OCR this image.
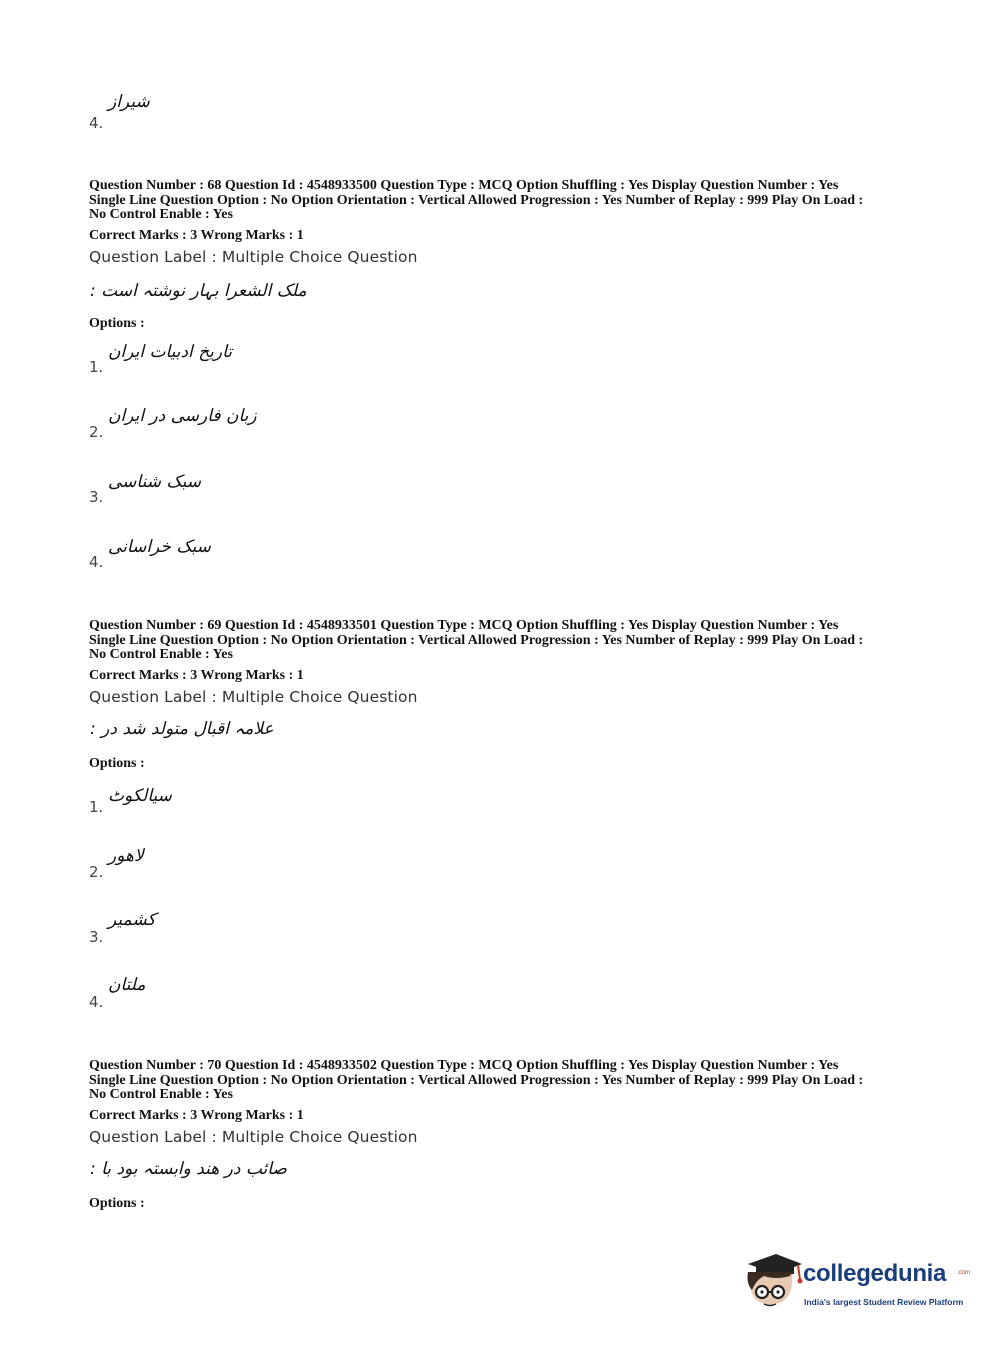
شیراز
4.
Question Number : 68 Question Id : 4548933500 Question Type : MCQ Option Shuffling : Yes Display Question Number : Yes
Single Line Question Option : No Option Orientation : Vertical Allowed Progression : Yes Number of Replay : 999 Play On Load :
No Control Enable : Yes
Correct Marks : 3 Wrong Marks : 1
Question Label : Multiple Choice Question
ملک الشعرا بہار نوشتہ است :
Options :
تاریخ ادبیات ایران
1.
زبان فارسی در ایران
2.
سبک شناسی
3.
سبک خراسانی
4.
Question Number : 69 Question Id : 4548933501 Question Type : MCQ Option Shuffling : Yes Display Question Number : Yes
Single Line Question Option : No Option Orientation : Vertical Allowed Progression : Yes Number of Replay : 999 Play On Load :
No Control Enable : Yes
Correct Marks : 3 Wrong Marks : 1
Question Label : Multiple Choice Question
علامہ اقبال متولد شد در :
Options :
سیالکوٹ
1.
لاهور
2.
کشمیر
3.
ملتان
4.
Question Number : 70 Question Id : 4548933502 Question Type : MCQ Option Shuffling : Yes Display Question Number : Yes
Single Line Question Option : No Option Orientation : Vertical Allowed Progression : Yes Number of Replay : 999 Play On Load :
No Control Enable : Yes
Correct Marks : 3 Wrong Marks : 1
Question Label : Multiple Choice Question
صائب در هند وابستہ بود با :
Options :
collegedunia .com
India's largest Student Review Platform
